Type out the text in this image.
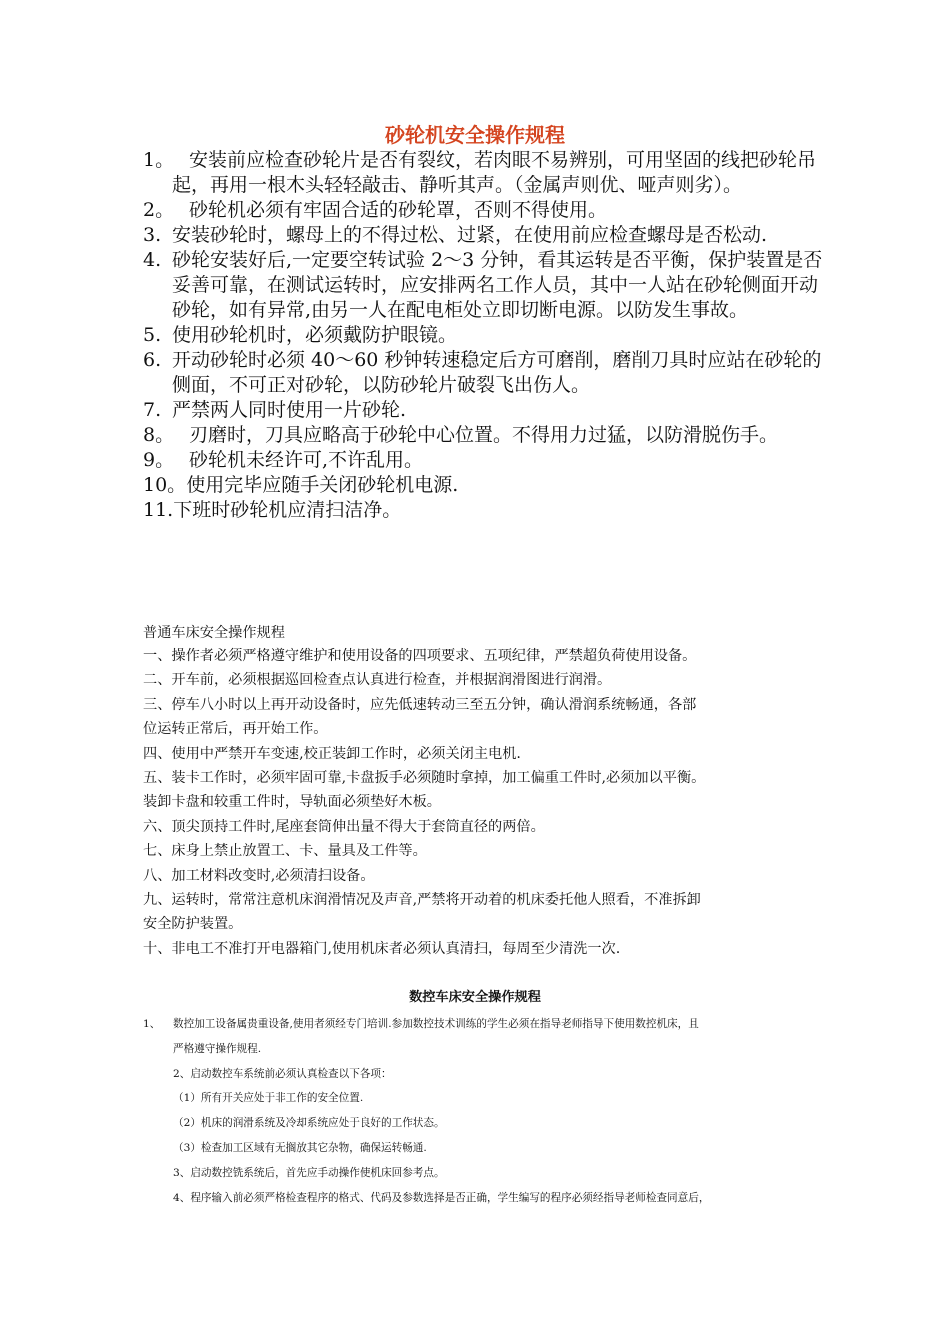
砂轮机安全操作规程

1。 安装前应检查砂轮片是否有裂纹，若肉眼不易辨别，可用坚固的线把砂轮吊起，再用一根木头轻轻敲击、静听其声。（金属声则优、哑声则劣）。

2。 砂轮机必须有牢固合适的砂轮罩，否则不得使用。

3. 安装砂轮时，螺母上的不得过松、过紧，在使用前应检查螺母是否松动.

4. 砂轮安装好后,一定要空转试验 2～3 分钟，看其运转是否平衡，保护装置是否妥善可靠，在测试运转时，应安排两名工作人员，其中一人站在砂轮侧面开动砂轮，如有异常,由另一人在配电柜处立即切断电源。以防发生事故。

5. 使用砂轮机时，必须戴防护眼镜。

6. 开动砂轮时必须 40～60 秒钟转速稳定后方可磨削，磨削刀具时应站在砂轮的侧面，不可正对砂轮，以防砂轮片破裂飞出伤人。

7. 严禁两人同时使用一片砂轮.

8。 刃磨时，刀具应略高于砂轮中心位置。不得用力过猛，以防滑脱伤手。

9。 砂轮机未经许可,不许乱用。

10。使用完毕应随手关闭砂轮机电源.

11.下班时砂轮机应清扫洁净。

普通车床安全操作规程
一、操作者必须严格遵守维护和使用设备的四项要求、五项纪律，严禁超负荷使用设备。
二、开车前，必须根据巡回检查点认真进行检查，并根据润滑图进行润滑。
三、停车八小时以上再开动设备时，应先低速转动三至五分钟，确认滑润系统畅通，各部
位运转正常后，再开始工作。
四、使用中严禁开车变速,校正装卸工作时，必须关闭主电机.
五、装卡工作时，必须牢固可靠,卡盘扳手必须随时拿掉，加工偏重工件时,必须加以平衡。
装卸卡盘和较重工件时，导轨面必须垫好木板。
六、顶尖顶持工件时,尾座套筒伸出量不得大于套筒直径的两倍。
七、床身上禁止放置工、卡、量具及工件等。
八、加工材料改变时,必须清扫设备。
九、运转时，常常注意机床润滑情况及声音,严禁将开动着的机床委托他人照看，不准拆卸
安全防护装置。
十、非电工不准打开电器箱门,使用机床者必须认真清扫，每周至少清洗一次.
数控车床安全操作规程
1、 数控加工设备属贵重设备,使用者须经专门培训.参加数控技术训练的学生必须在指导老师指导下使用数控机床，且
严格遵守操作规程.
2、启动数控车系统前必须认真检查以下各项：
（1）所有开关应处于非工作的安全位置.
（2）机床的润滑系统及冷却系统应处于良好的工作状态。
（3）检查加工区域有无搁放其它杂物，确保运转畅通.
3、启动数控铣系统后，首先应手动操作使机床回参考点。
4、程序输入前必须严格检查程序的格式、代码及参数选择是否正确，学生编写的程序必须经指导老师检查同意后，
